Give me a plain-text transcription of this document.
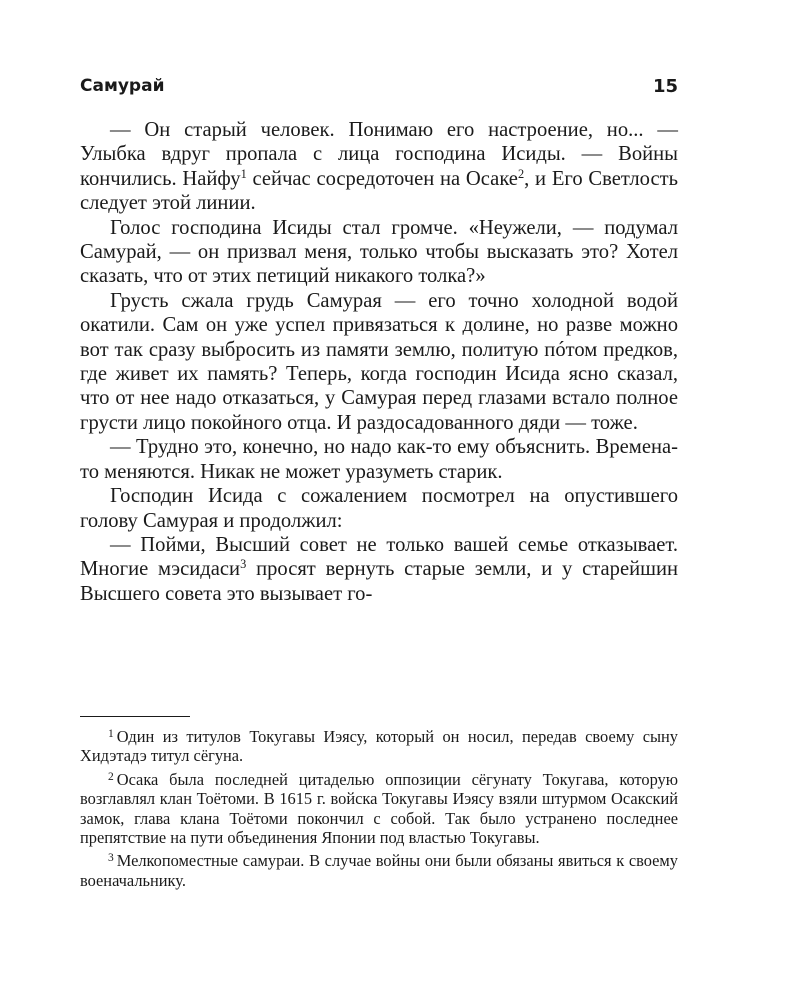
Самурай	15

— Он старый человек. Понимаю его настроение, но... — Улыбка вдруг пропала с лица господина Исиды. — Войны кончились. Найфу$^1$ сейчас сосредоточен на Осаке$^2$, и Его Светлость следует этой линии.

Голос господина Исиды стал громче. «Неужели, — подумал Самурай, — он призвал меня, только чтобы высказать это? Хотел сказать, что от этих петиций никакого толка?»

Грусть сжала грудь Самурая — его точно холодной водой окатили. Сам он уже успел привязаться к долине, но разве можно вот так сразу выбросить из памяти землю, политую пóтом предков, где живет их память? Теперь, когда господин Исида ясно сказал, что от нее надо отказаться, у Самурая перед глазами встало полное грусти лицо покойного отца. И раздосадованного дяди — тоже.

— Трудно это, конечно, но надо как-то ему объяснить. Времена-то меняются. Никак не может уразуметь старик.

Господин Исида с сожалением посмотрел на опустившего голову Самурая и продолжил:

— Пойми, Высший совет не только вашей семье отказывает. Многие мэсидаси$^3$ просят вернуть старые земли, и у старейшин Высшего совета это вызывает го-

$^1$ Один из титулов Токугавы Иэясу, который он носил, передав своему сыну Хидэтадэ титул сёгуна.

$^2$ Осака была последней цитаделью оппозиции сёгунату Токугава, которую возглавлял клан Тоётоми. В 1615 г. войска Токугавы Иэясу взяли штурмом Осакский замок, глава клана Тоётоми покончил с собой. Так было устранено последнее препятствие на пути объединения Японии под властью Токугавы.

$^3$ Мелкопоместные самураи. В случае войны они были обязаны явиться к своему военачальнику.
